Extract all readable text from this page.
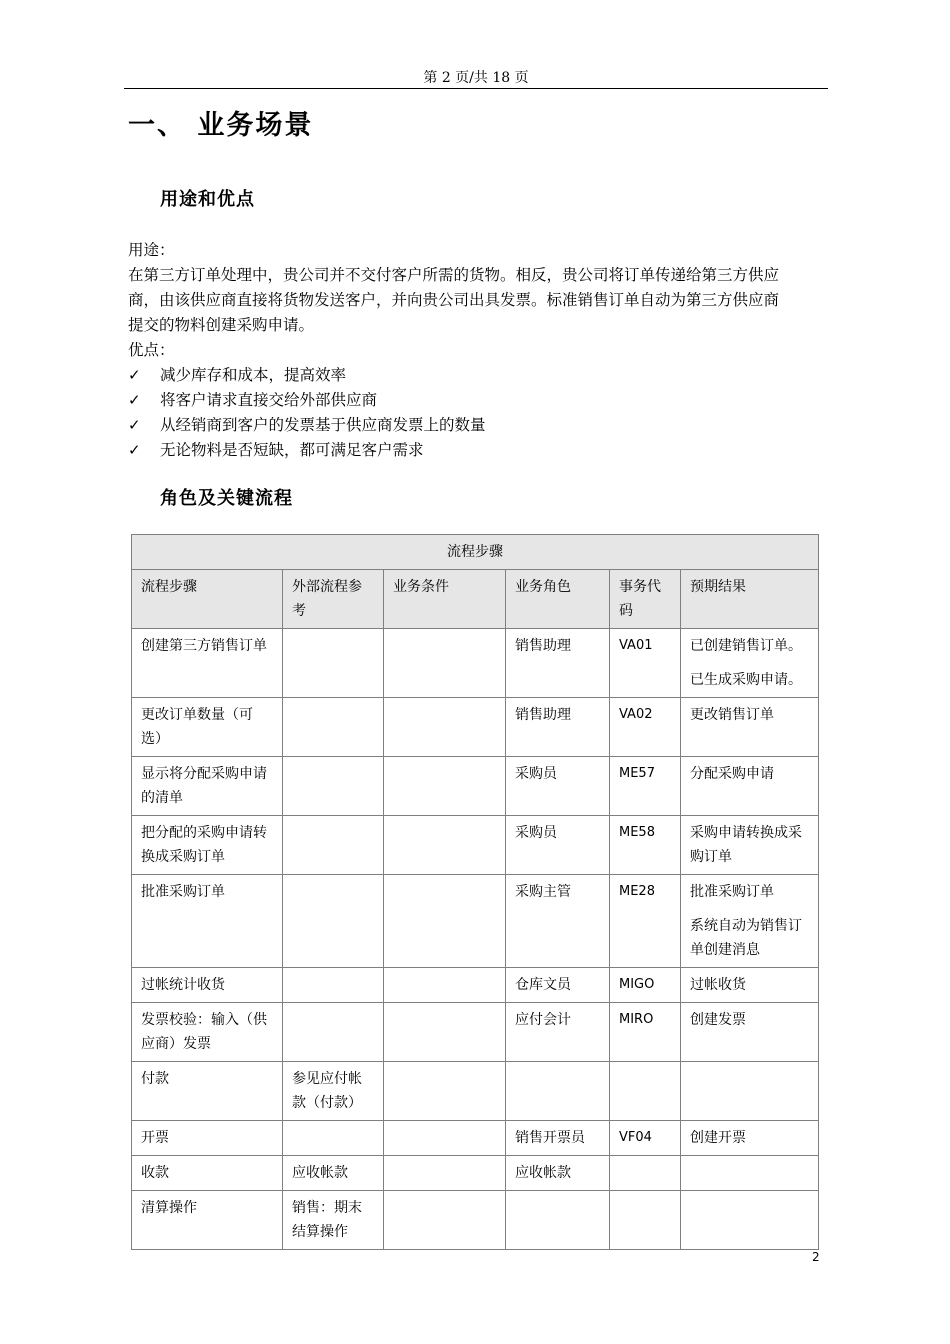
第 2 页/共 18 页
一、 业务场景
用途和优点

用途：

在第三方订单处理中，贵公司并不交付客户所需的货物。相反，贵公司将订单传递给第三方供应

商，由该供应商直接将货物发送客户，并向贵公司出具发票。标准销售订单自动为第三方供应商

提交的物料创建采购申请。

优点：

✓	减少库存和成本，提高效率
✓	将客户请求直接交给外部供应商
✓	从经销商到客户的发票基于供应商发票上的数量
✓	无论物料是否短缺，都可满足客户需求
角色及关键流程
流程步骤					
流程步骤	外部流程参考	业务条件	业务角色	事务代码	预期结果
创建第三方销售订单			销售助理	VA01	已创建销售订单。
已生成采购申请。

更改订单数量（可选）			销售助理	VA02	更改销售订单

显示将分配采购申请的清单			采购员	ME57	分配采购申请

把分配的采购申请转换成采购订单			采购员	ME58	采购申请转换成采购订单

批准采购订单			采购主管	ME28	批准采购订单
系统自动为销售订单创建消息

过帐统计收货			仓库文员	MIGO	过帐收货

发票校验：输入（供应商）发票			应付会计	MIRO	创建发票

付款	参见应付帐款（付款）				

开票			销售开票员	VF04	创建开票

收款	应收帐款		应收帐款		

清算操作	销售：期末结算操作				
2
